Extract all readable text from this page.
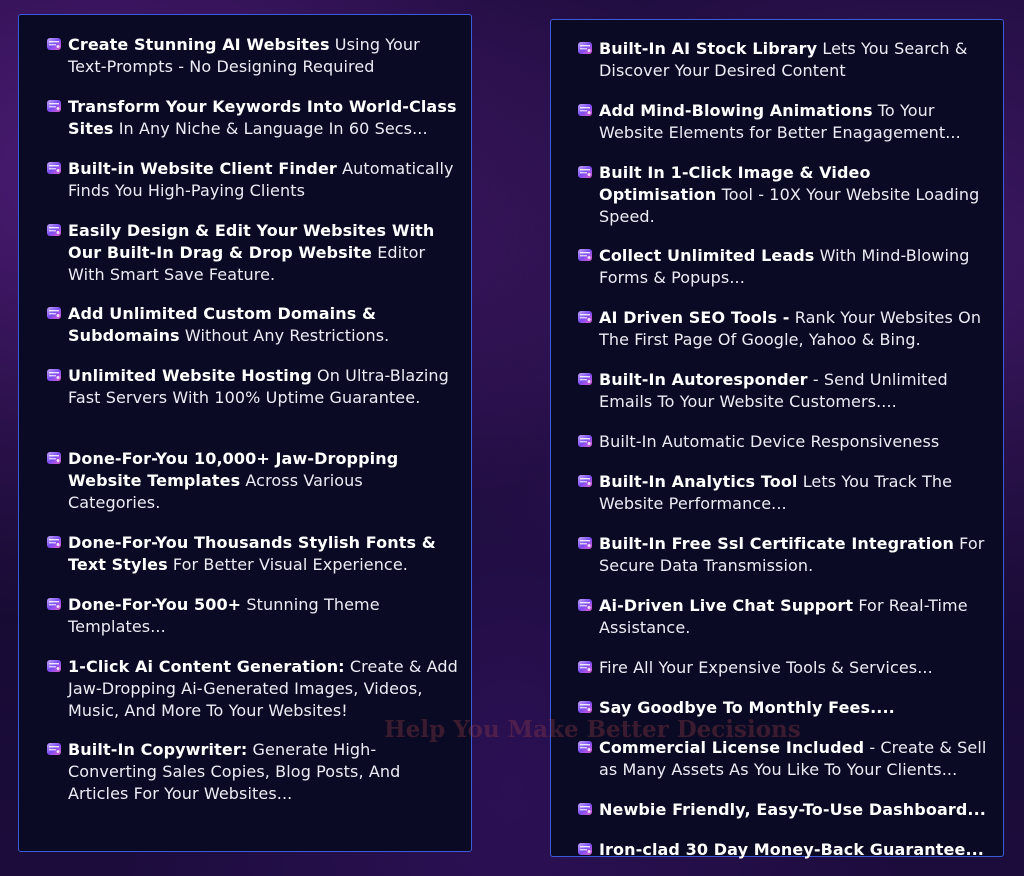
Create Stunning AI Websites Using Your Text-Prompts - No Designing Required
Transform Your Keywords Into World-Class Sites In Any Niche & Language In 60 Secs...
Built-in Website Client Finder Automatically Finds You High-Paying Clients
Easily Design & Edit Your Websites With Our Built-In Drag & Drop Website Editor With Smart Save Feature.
Add Unlimited Custom Domains & Subdomains Without Any Restrictions.
Unlimited Website Hosting On Ultra-Blazing Fast Servers With 100% Uptime Guarantee.
Done-For-You 10,000+ Jaw-Dropping Website Templates Across Various Categories.
Done-For-You Thousands Stylish Fonts & Text Styles For Better Visual Experience.
Done-For-You 500+ Stunning Theme Templates...
1-Click Ai Content Generation: Create & Add Jaw-Dropping Ai-Generated Images, Videos, Music, And More To Your Websites!
Built-In Copywriter: Generate High-Converting Sales Copies, Blog Posts, And Articles For Your Websites...
Built-In AI Stock Library Lets You Search & Discover Your Desired Content
Add Mind-Blowing Animations To Your Website Elements for Better Enagagement...
Built In 1-Click Image & Video Optimisation Tool - 10X Your Website Loading Speed.
Collect Unlimited Leads With Mind-Blowing Forms & Popups...
AI Driven SEO Tools - Rank Your Websites On The First Page Of Google, Yahoo & Bing.
Built-In Autoresponder - Send Unlimited Emails To Your Website Customers....
Built-In Automatic Device Responsiveness
Built-In Analytics Tool Lets You Track The Website Performance...
Built-In Free Ssl Certificate Integration For Secure Data Transmission.
Ai-Driven Live Chat Support For Real-Time Assistance.
Fire All Your Expensive Tools & Services...
Say Goodbye To Monthly Fees....
Commercial License Included - Create & Sell as Many Assets As You Like To Your Clients...
Newbie Friendly, Easy-To-Use Dashboard...
Iron-clad 30 Day Money-Back Guarantee...
Help You Make Better Decisions
